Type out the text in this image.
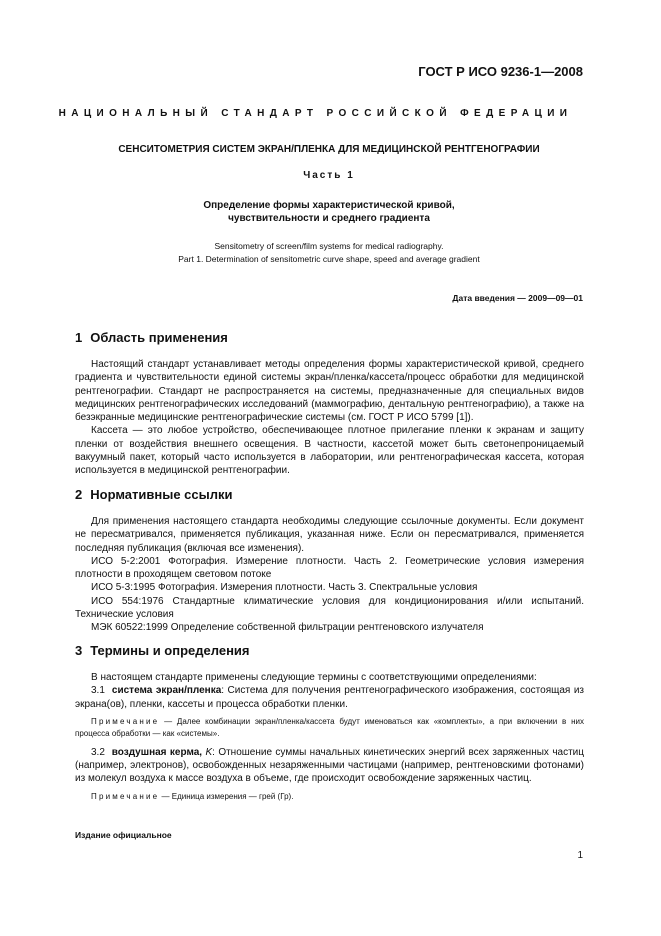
ГОСТ Р ИСО 9236-1—2008
НАЦИОНАЛЬНЫЙ СТАНДАРТ РОССИЙСКОЙ ФЕДЕРАЦИИ
СЕНСИТОМЕТРИЯ СИСТЕМ ЭКРАН/ПЛЕНКА ДЛЯ МЕДИЦИНСКОЙ РЕНТГЕНОГРАФИИ
Часть 1
Определение формы характеристической кривой,
чувствительности и среднего градиента
Sensitometry of screen/film systems for medical radiography.
Part 1. Determination of sensitometric curve shape, speed and average gradient
Дата введения — 2009—09—01
1 Область применения

Настоящий стандарт устанавливает методы определения формы характеристической кривой, среднего градиента и чувствительности единой системы экран/пленка/кассета/процесс обработки для медицинской рентгенографии. Стандарт не распространяется на системы, предназначенные для специальных видов медицинских рентгенографических исследований (маммографию, дентальную рентгенографию), а также на безэкранные медицинские рентгенографические системы (см. ГОСТ Р ИСО 5799 [1]).

Кассета — это любое устройство, обеспечивающее плотное прилегание пленки к экранам и защиту пленки от воздействия внешнего освещения. В частности, кассетой может быть светонепроницаемый вакуумный пакет, который часто используется в лаборатории, или рентгенографическая кассета, которая используется в медицинской рентгенографии.

2 Нормативные ссылки

Для применения настоящего стандарта необходимы следующие ссылочные документы. Если документ не пересматривался, применяется публикация, указанная ниже. Если он пересматривался, применяется последняя публикация (включая все изменения).

ИСО 5-2:2001 Фотография. Измерение плотности. Часть 2. Геометрические условия измерения плотности в проходящем световом потоке

ИСО 5-3:1995 Фотография. Измерения плотности. Часть 3. Спектральные условия

ИСО 554:1976 Стандартные климатические условия для кондиционирования и/или испытаний. Технические условия

МЭК 60522:1999 Определение собственной фильтрации рентгеновского излучателя

3 Термины и определения

В настоящем стандарте применены следующие термины с соответствующими определениями:

3.1 система экран/пленка: Система для получения рентгенографического изображения, состоящая из экрана(ов), пленки, кассеты и процесса обработки пленки.

Примечание — Далее комбинации экран/пленка/кассета будут именоваться как «комплекты», а при включении в них процесса обработки — как «системы».

3.2 воздушная керма, K: Отношение суммы начальных кинетических энергий всех заряженных частиц (например, электронов), освобожденных незаряженными частицами (например, рентгеновскими фотонами) из молекул воздуха к массе воздуха в объеме, где происходит освобождение заряженных частиц.

Примечание — Единица измерения — грей (Гр).

Издание официальное
1
